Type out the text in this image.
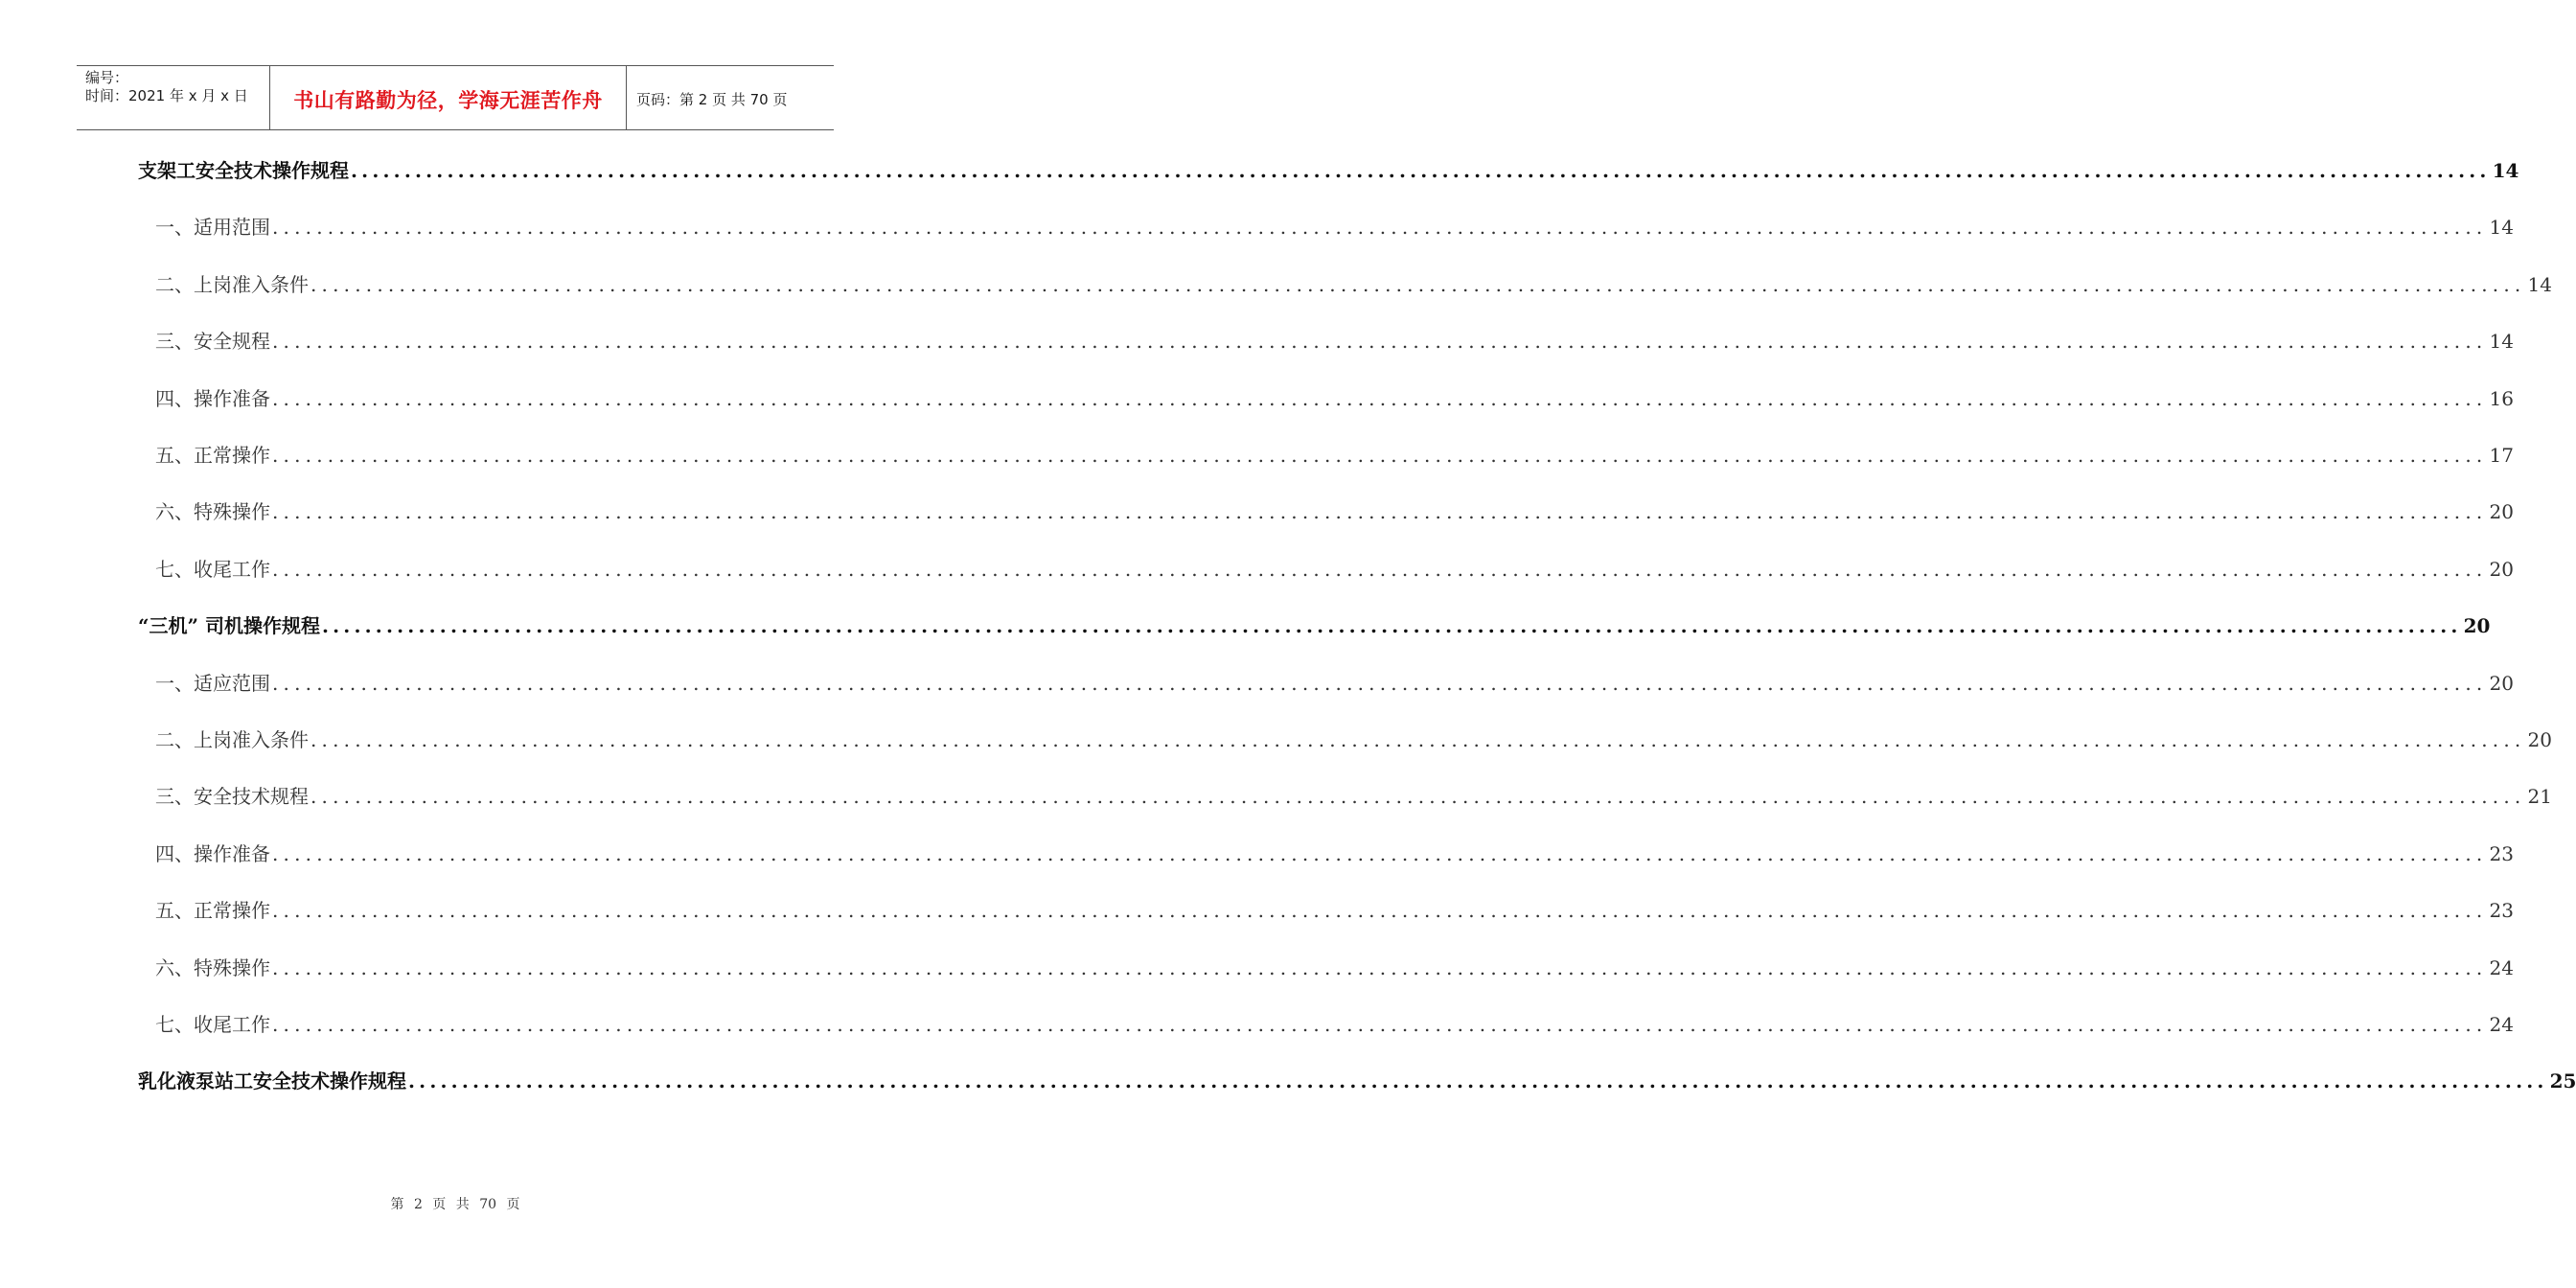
编号：
时间：2021 年 x 月 x 日	书山有路勤为径，学海无涯苦作舟	页码：第 2 页 共 70 页
支架工安全技术操作规程 ........................................................................................................................................................................................................ 14
一、适用范围 ........................................................................................................................................................................................................ 14
二、上岗准入条件 ........................................................................................................................................................................................................ 14
三、安全规程 ........................................................................................................................................................................................................ 14
四、操作准备 ........................................................................................................................................................................................................ 16
五、正常操作 ........................................................................................................................................................................................................ 17
六、特殊操作 ........................................................................................................................................................................................................ 20
七、收尾工作 ........................................................................................................................................................................................................ 20
“三机” 司机操作规程 ........................................................................................................................................................................................................ 20
一、适应范围 ........................................................................................................................................................................................................ 20
二、上岗准入条件 ........................................................................................................................................................................................................ 20
三、安全技术规程 ........................................................................................................................................................................................................ 21
四、操作准备 ........................................................................................................................................................................................................ 23
五、正常操作 ........................................................................................................................................................................................................ 23
六、特殊操作 ........................................................................................................................................................................................................ 24
七、收尾工作 ........................................................................................................................................................................................................ 24
乳化液泵站工安全技术操作规程 ........................................................................................................................................................................................................ 25
第 2 页 共 70 页
